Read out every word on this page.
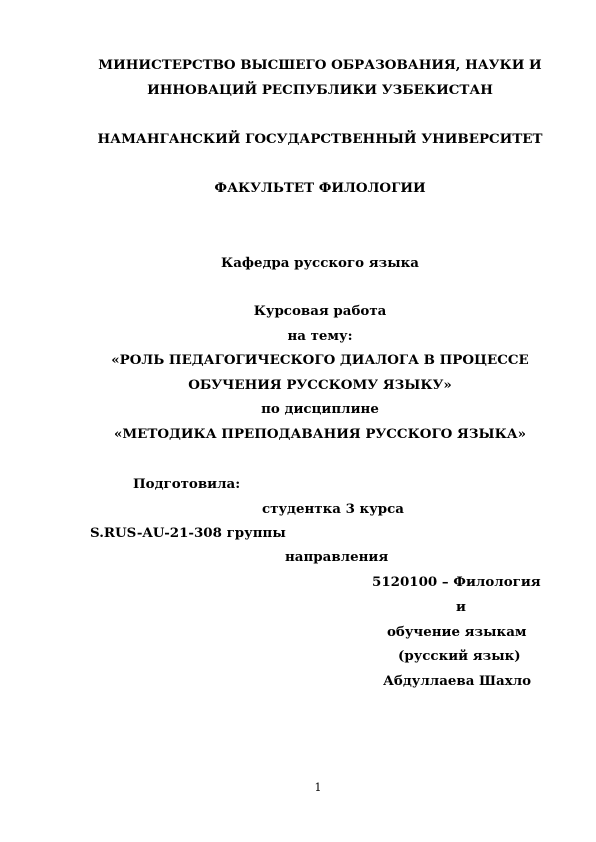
МИНИСТЕРСТВО ВЫСШЕГО ОБРАЗОВАНИЯ, НАУКИ И
ИННОВАЦИЙ РЕСПУБЛИКИ УЗБЕКИСТАН
НАМАНГАНСКИЙ ГОСУДАРСТВЕННЫЙ УНИВЕРСИТЕТ
ФАКУЛЬТЕТ ФИЛОЛОГИИ
Кафедра русского языка
Курсовая работа
на тему:
«РОЛЬ ПЕДАГОГИЧЕСКОГО ДИАЛОГА В ПРОЦЕССЕ
ОБУЧЕНИЯ РУССКОМУ ЯЗЫКУ»
по дисциплине
«МЕТОДИКА ПРЕПОДАВАНИЯ РУССКОГО ЯЗЫКА»
Подготовила:
студентка 3 курса
S.RUS-AU-21-308 группы
направления
5120100 – Филология
и
обучение языкам
(русский язык)
Абдуллаева Шахло
1
